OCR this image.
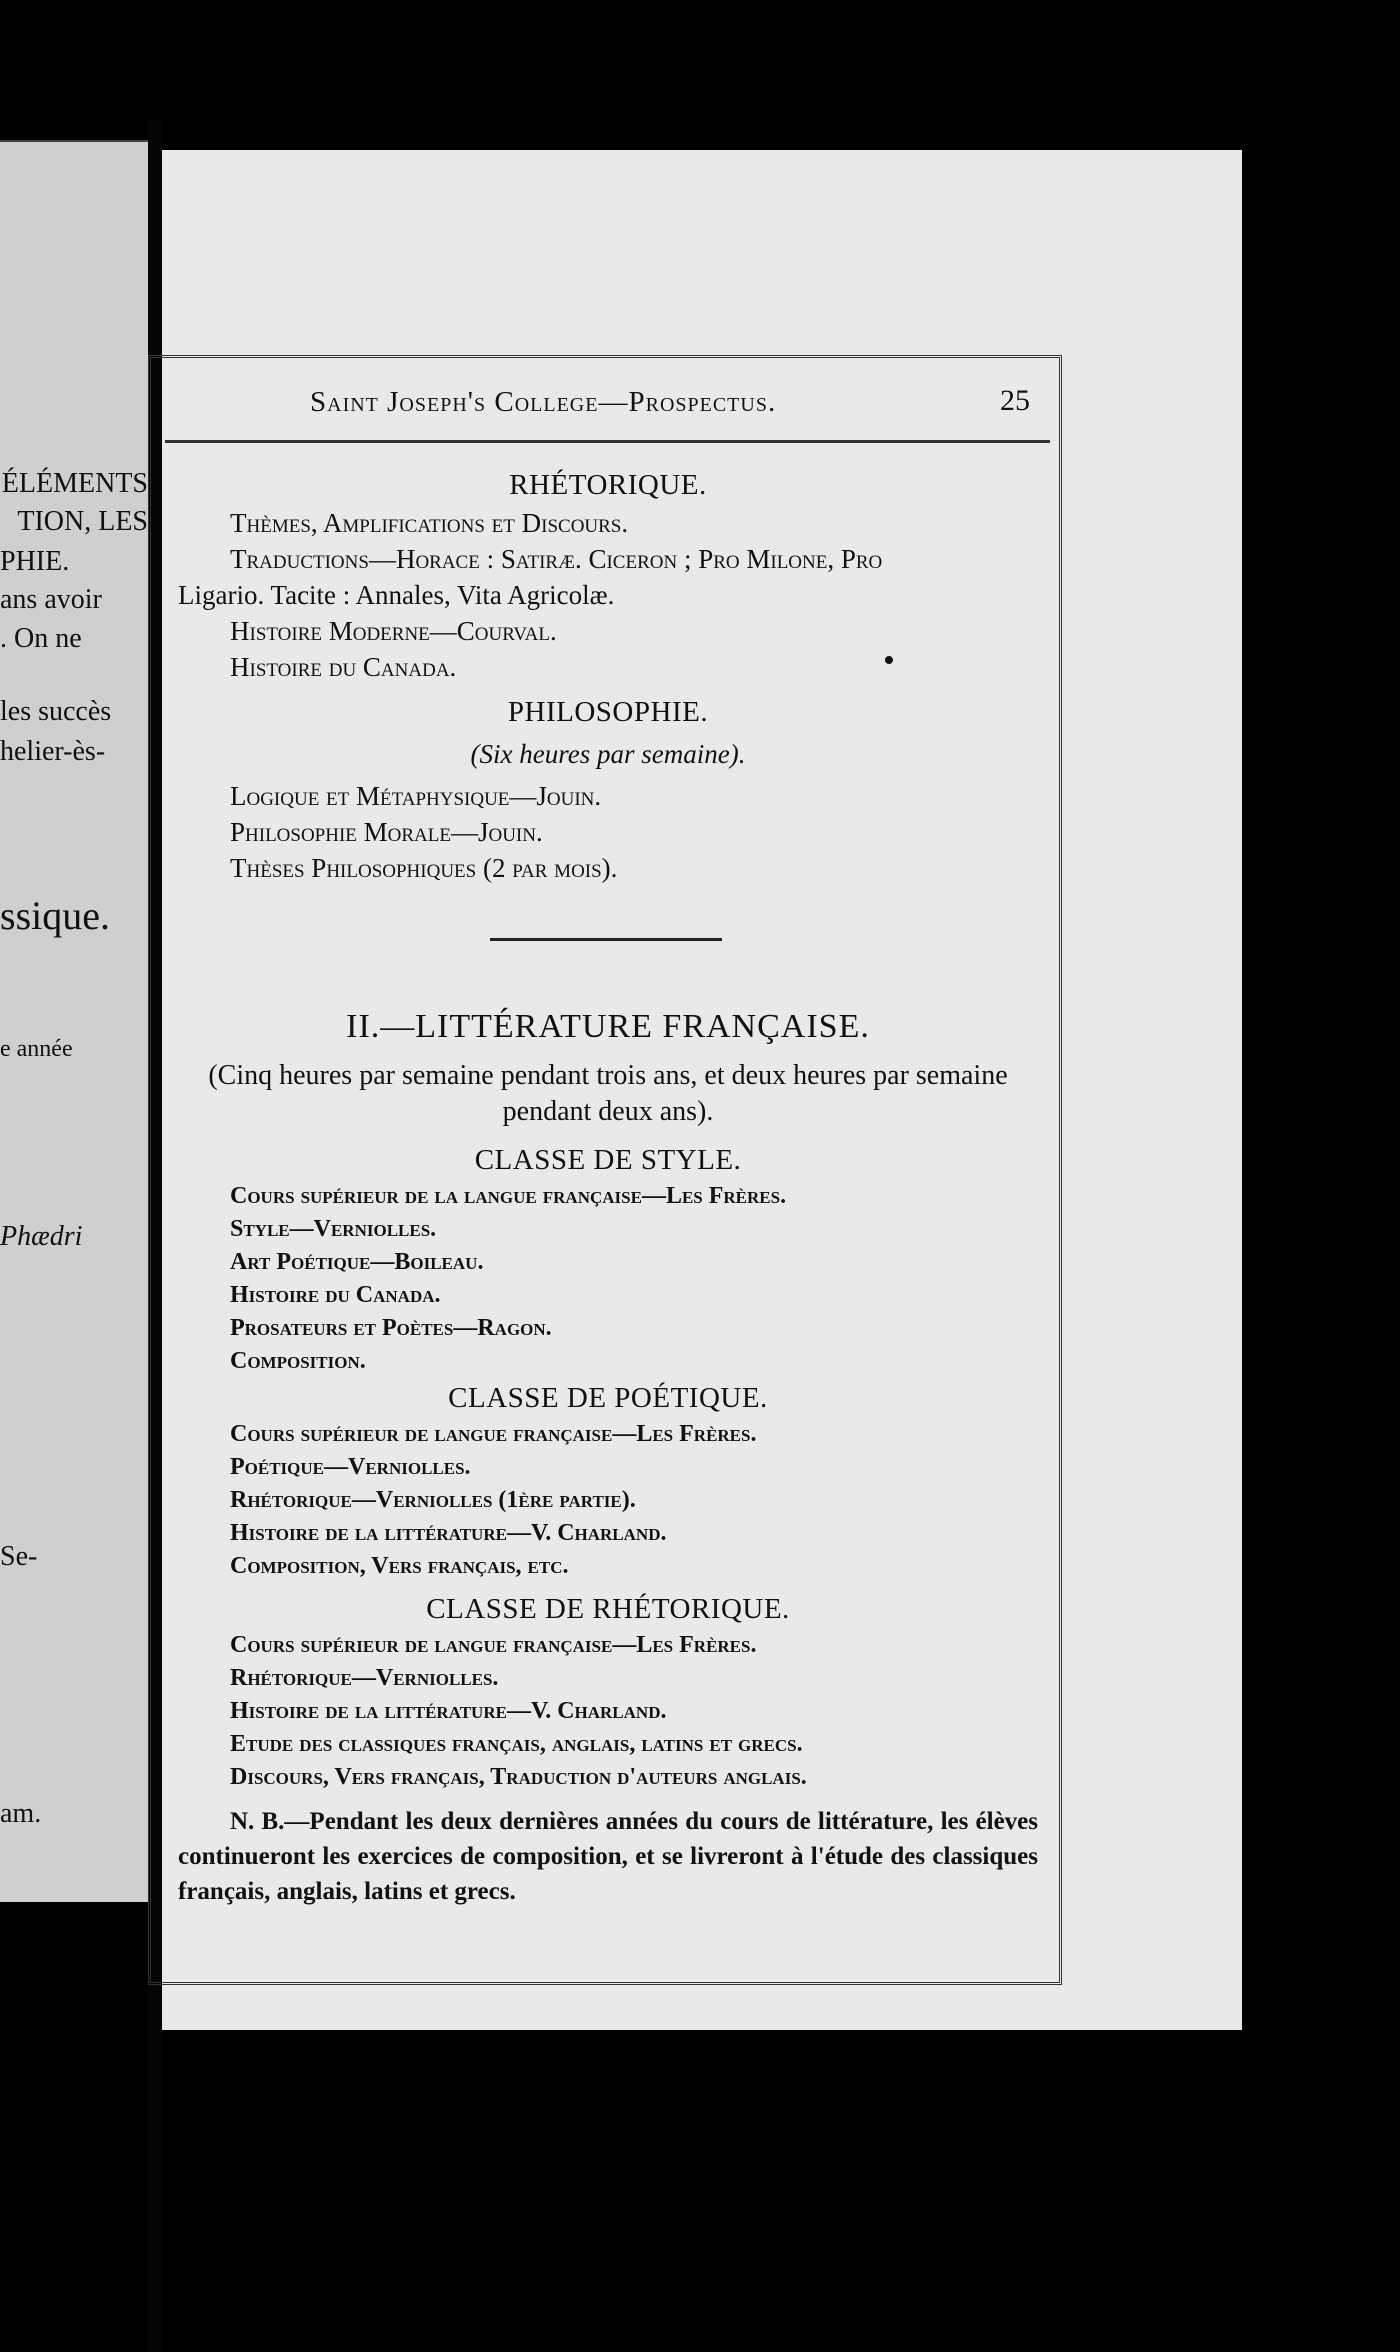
ÉLÉMENTS
TION, LES
PHIE.
ans avoir
. On ne
les succès
helier-ès-
ssique.
e année
Phædri
Se-
am.
Saint Joseph's College—Prospectus.	25
RHÉTORIQUE.
Thèmes, Amplifications et Discours.
Traductions—Horace : Satiræ. Ciceron ; Pro Milone, Pro
Ligario. Tacite : Annales, Vita Agricolæ.
Histoire Moderne—Courval.
Histoire du Canada.
PHILOSOPHIE.
(Six heures par semaine).
Logique et Métaphysique—Jouin.
Philosophie Morale—Jouin.
Thèses Philosophiques (2 par mois).
II.—LITTÉRATURE FRANÇAISE.
(Cinq heures par semaine pendant trois ans, et deux heures par semaine pendant deux ans).
CLASSE DE STYLE.
Cours supérieur de la langue française—Les Frères.
Style—Verniolles.
Art Poétique—Boileau.
Histoire du Canada.
Prosateurs et Poètes—Ragon.
Composition.
CLASSE DE POÉTIQUE.
Cours supérieur de langue française—Les Frères.
Poétique—Verniolles.
Rhétorique—Verniolles (1ère partie).
Histoire de la littérature—V. Charland.
Composition, Vers français, etc.
CLASSE DE RHÉTORIQUE.
Cours supérieur de langue française—Les Frères.
Rhétorique—Verniolles.
Histoire de la littérature—V. Charland.
Etude des classiques français, anglais, latins et grecs.
Discours, Vers français, Traduction d'auteurs anglais.
N. B.—Pendant les deux dernières années du cours de littérature, les élèves continueront les exercices de composition, et se livreront à l'étude des classiques français, anglais, latins et grecs.
